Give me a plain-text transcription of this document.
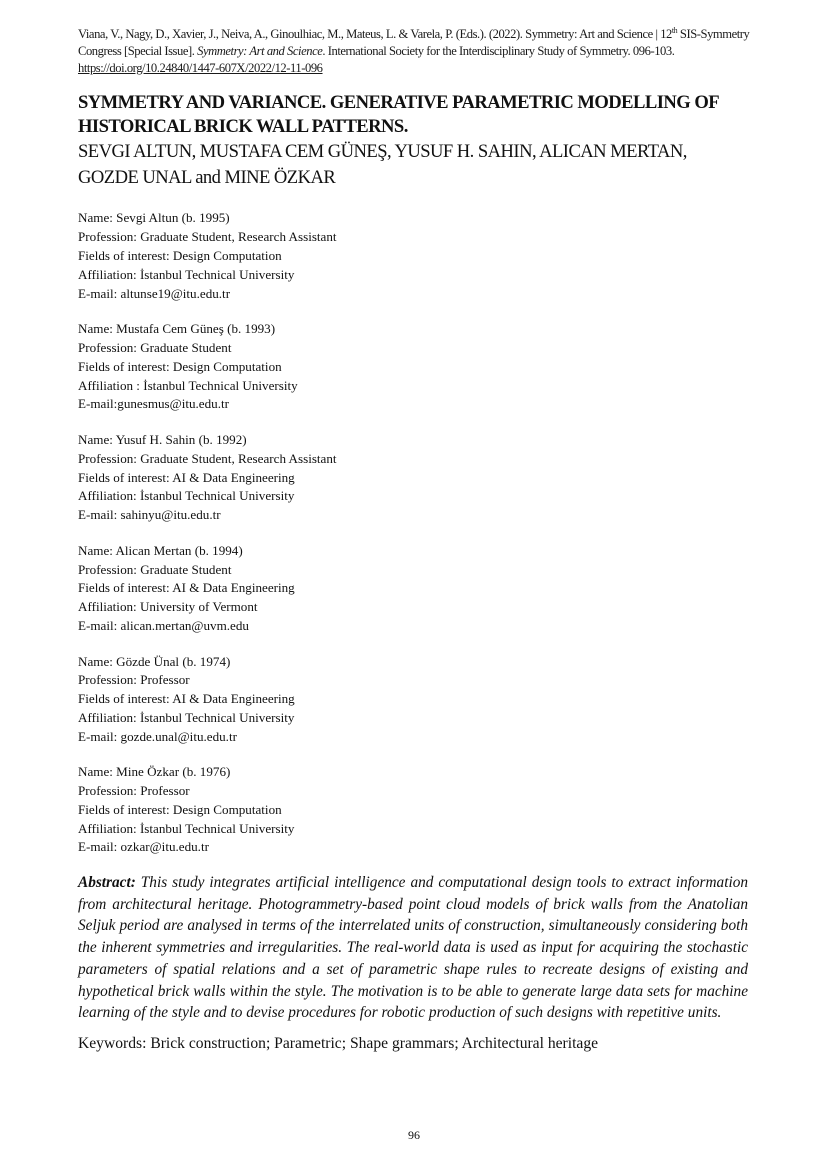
Viana, V., Nagy, D., Xavier, J., Neiva, A., Ginoulhiac, M., Mateus, L. & Varela, P. (Eds.). (2022). Symmetry: Art and Science | 12th SIS-Symmetry Congress [Special Issue]. Symmetry: Art and Science. International Society for the Interdisciplinary Study of Symmetry. 096-103. https://doi.org/10.24840/1447-607X/2022/12-11-096
SYMMETRY AND VARIANCE. GENERATIVE PARAMETRIC MODELLING OF HISTORICAL BRICK WALL PATTERNS.
SEVGI ALTUN, MUSTAFA CEM GÜNEŞ, YUSUF H. SAHIN, ALICAN MERTAN, GOZDE UNAL and MINE ÖZKAR
Name: Sevgi Altun (b. 1995)
Profession: Graduate Student, Research Assistant
Fields of interest: Design Computation
Affiliation: İstanbul Technical University
E-mail: altunse19@itu.edu.tr
Name: Mustafa Cem Güneş (b. 1993)
Profession: Graduate Student
Fields of interest: Design Computation
Affiliation : İstanbul Technical University
E-mail:gunesmus@itu.edu.tr
Name: Yusuf H. Sahin (b. 1992)
Profession: Graduate Student, Research Assistant
Fields of interest: AI & Data Engineering
Affiliation: İstanbul Technical University
E-mail: sahinyu@itu.edu.tr
Name: Alican Mertan (b. 1994)
Profession: Graduate Student
Fields of interest: AI & Data Engineering
Affiliation: University of Vermont
E-mail: alican.mertan@uvm.edu
Name: Gözde Ünal (b. 1974)
Profession: Professor
Fields of interest: AI & Data Engineering
Affiliation: İstanbul Technical University
E-mail: gozde.unal@itu.edu.tr
Name: Mine Özkar (b. 1976)
Profession: Professor
Fields of interest: Design Computation
Affiliation: İstanbul Technical University
E-mail: ozkar@itu.edu.tr
Abstract: This study integrates artificial intelligence and computational design tools to extract information from architectural heritage. Photogrammetry-based point cloud models of brick walls from the Anatolian Seljuk period are analysed in terms of the interrelated units of construction, simultaneously considering both the inherent symmetries and irregularities. The real-world data is used as input for acquiring the stochastic parameters of spatial relations and a set of parametric shape rules to recreate designs of existing and hypothetical brick walls within the style. The motivation is to be able to generate large data sets for machine learning of the style and to devise procedures for robotic production of such designs with repetitive units.
Keywords: Brick construction; Parametric; Shape grammars; Architectural heritage
96
